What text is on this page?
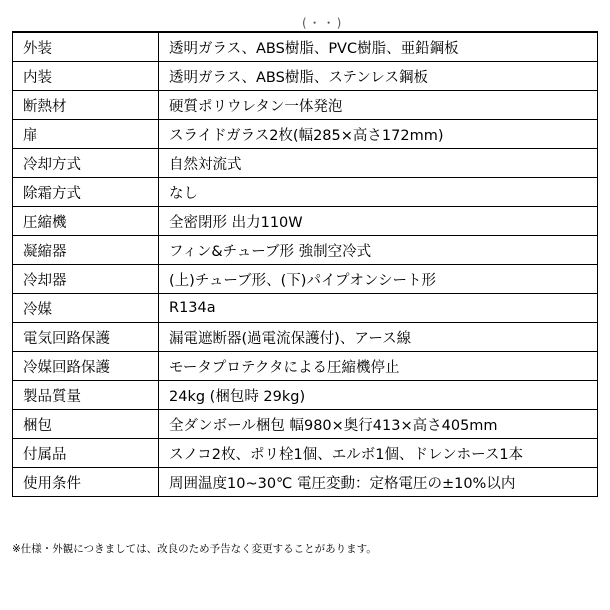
(・・)
外装	透明ガラス、ABS樹脂、PVC樹脂、亜鉛鋼板
内装	透明ガラス、ABS樹脂、ステンレス鋼板
断熱材	硬質ポリウレタン一体発泡
扉	スライドガラス2枚(幅285×高さ172mm)
冷却方式	自然対流式
除霜方式	なし
圧縮機	全密閉形 出力110W
凝縮器	フィン&チューブ形 強制空冷式
冷却器	(上)チューブ形、(下)パイプオンシート形
冷媒	R134a
電気回路保護	漏電遮断器(過電流保護付)、アース線
冷媒回路保護	モータプロテクタによる圧縮機停止
製品質量	24kg (梱包時 29kg)
梱包	全ダンボール梱包 幅980×奥行413×高さ405mm
付属品	スノコ2枚、ポリ栓1個、エルボ1個、ドレンホース1本
使用条件	周囲温度10~30℃ 電圧変動：定格電圧の±10%以内
※仕様・外観につきましては、改良のため予告なく変更することがあります。
